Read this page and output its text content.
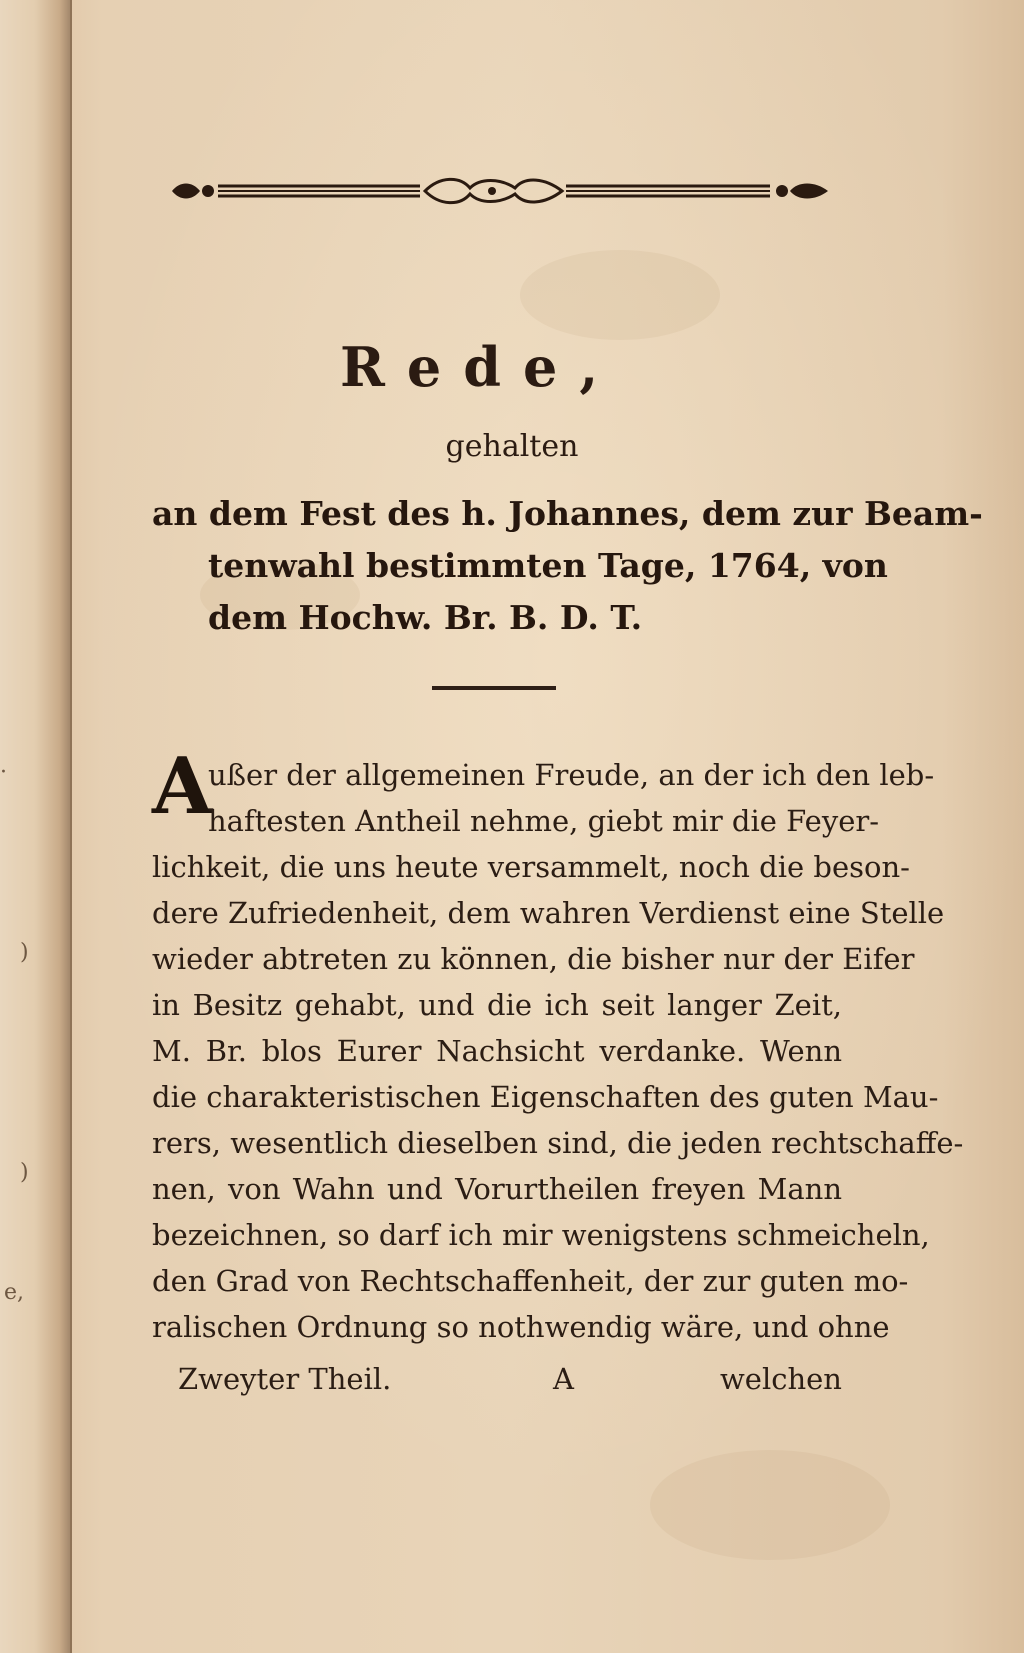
·
)
)
e,
Rede,
gehalten
an dem Fest des h. Johannes, dem zur Beam-
tenwahl bestimmten Tage, 1764, von
dem Hochw. Br. B. D. T.
A
ußer der allgemeinen Freude, an der ich den leb-
haftesten Antheil nehme, giebt mir die Feyer-
lichkeit, die uns heute versammelt, noch die beson-
dere Zufriedenheit, dem wahren Verdienst eine Stelle
wieder abtreten zu können, die bisher nur der Eifer
in Besitz gehabt, und die ich seit langer Zeit,
M. Br. blos Eurer Nachsicht verdanke. Wenn
die charakteristischen Eigenschaften des guten Mau-
rers, wesentlich dieselben sind, die jeden rechtschaffe-
nen, von Wahn und Vorurtheilen freyen Mann
bezeichnen, so darf ich mir wenigstens schmeicheln,
den Grad von Rechtschaffenheit, der zur guten mo-
ralischen Ordnung so nothwendig wäre, und ohne
Zweyter Theil.	A	welchen
